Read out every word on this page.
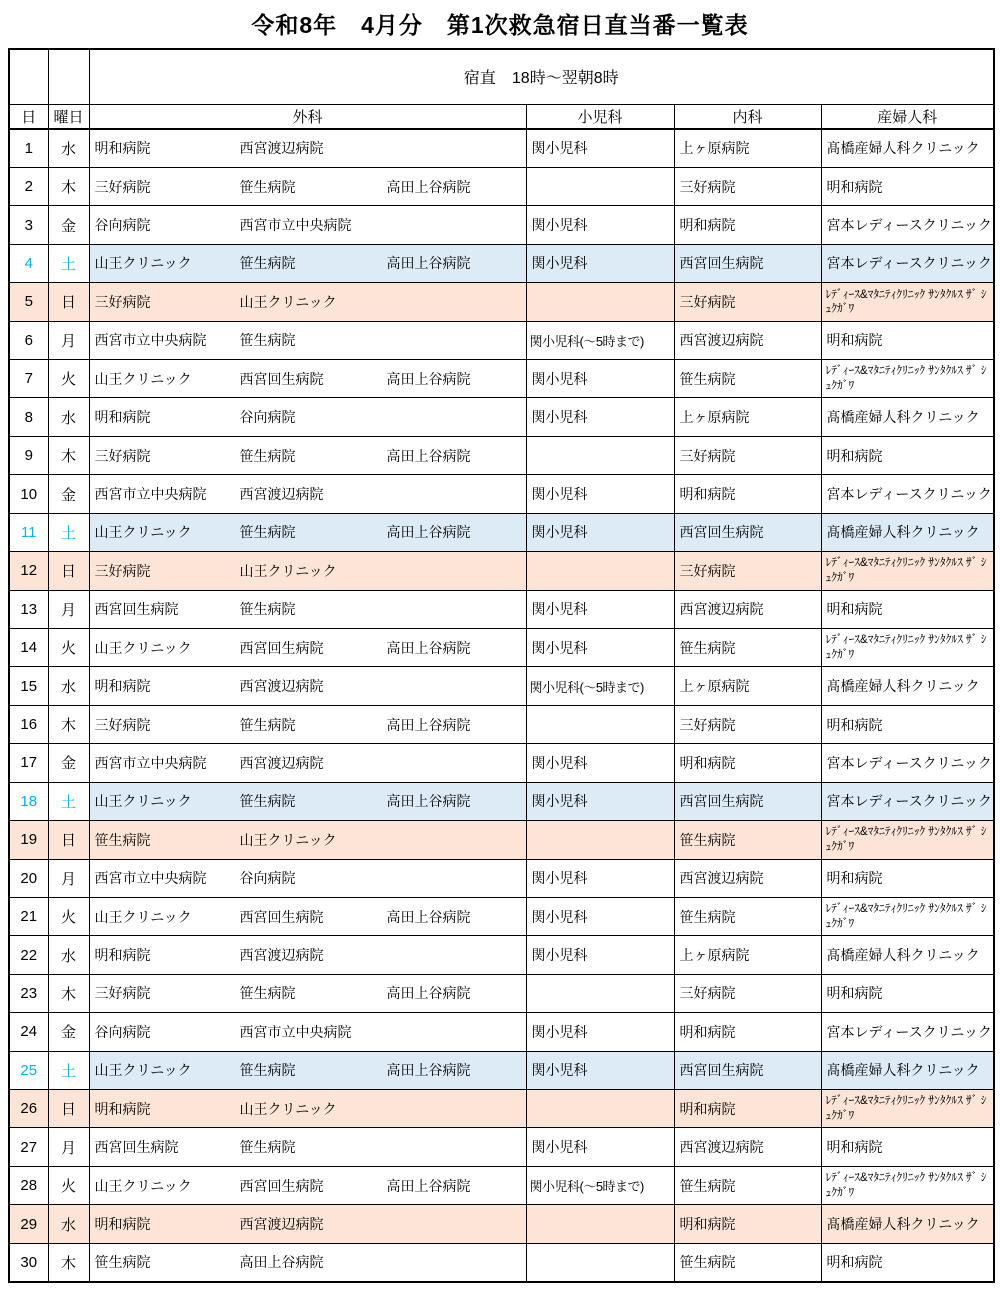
令和8年　4月分　第1次救急宿日直当番一覧表
		宿直　18時～翌朝8時			
日	曜日	外科	小児科	内科	産婦人科
1	水	明和病院 西宮渡辺病院	関小児科	上ヶ原病院	髙橋産婦人科クリニック
2	木	三好病院 笹生病院 高田上谷病院		三好病院	明和病院
3	金	谷向病院 西宮市立中央病院	関小児科	明和病院	宮本レディースクリニック
4	土	山王クリニック 笹生病院 高田上谷病院	関小児科	西宮回生病院	宮本レディースクリニック
5	日	三好病院 山王クリニック		三好病院	ﾚﾃﾞｨｰｽ&ﾏﾀﾆﾃｨｸﾘﾆｯｸ ｻﾝﾀｸﾙｽ ｻﾞ ｼｭｸｶﾞﾜ
6	月	西宮市立中央病院 笹生病院	関小児科(～5時まで)	西宮渡辺病院	明和病院
7	火	山王クリニック 西宮回生病院 高田上谷病院	関小児科	笹生病院	ﾚﾃﾞｨｰｽ&ﾏﾀﾆﾃｨｸﾘﾆｯｸ ｻﾝﾀｸﾙｽ ｻﾞ ｼｭｸｶﾞﾜ
8	水	明和病院 谷向病院	関小児科	上ヶ原病院	髙橋産婦人科クリニック
9	木	三好病院 笹生病院 高田上谷病院		三好病院	明和病院
10	金	西宮市立中央病院 西宮渡辺病院	関小児科	明和病院	宮本レディースクリニック
11	土	山王クリニック 笹生病院 高田上谷病院	関小児科	西宮回生病院	髙橋産婦人科クリニック
12	日	三好病院 山王クリニック		三好病院	ﾚﾃﾞｨｰｽ&ﾏﾀﾆﾃｨｸﾘﾆｯｸ ｻﾝﾀｸﾙｽ ｻﾞ ｼｭｸｶﾞﾜ
13	月	西宮回生病院 笹生病院	関小児科	西宮渡辺病院	明和病院
14	火	山王クリニック 西宮回生病院 高田上谷病院	関小児科	笹生病院	ﾚﾃﾞｨｰｽ&ﾏﾀﾆﾃｨｸﾘﾆｯｸ ｻﾝﾀｸﾙｽ ｻﾞ ｼｭｸｶﾞﾜ
15	水	明和病院 西宮渡辺病院	関小児科(～5時まで)	上ヶ原病院	髙橋産婦人科クリニック
16	木	三好病院 笹生病院 高田上谷病院		三好病院	明和病院
17	金	西宮市立中央病院 西宮渡辺病院	関小児科	明和病院	宮本レディースクリニック
18	土	山王クリニック 笹生病院 高田上谷病院	関小児科	西宮回生病院	宮本レディースクリニック
19	日	笹生病院 山王クリニック		笹生病院	ﾚﾃﾞｨｰｽ&ﾏﾀﾆﾃｨｸﾘﾆｯｸ ｻﾝﾀｸﾙｽ ｻﾞ ｼｭｸｶﾞﾜ
20	月	西宮市立中央病院 谷向病院	関小児科	西宮渡辺病院	明和病院
21	火	山王クリニック 西宮回生病院 高田上谷病院	関小児科	笹生病院	ﾚﾃﾞｨｰｽ&ﾏﾀﾆﾃｨｸﾘﾆｯｸ ｻﾝﾀｸﾙｽ ｻﾞ ｼｭｸｶﾞﾜ
22	水	明和病院 西宮渡辺病院	関小児科	上ヶ原病院	髙橋産婦人科クリニック
23	木	三好病院 笹生病院 高田上谷病院		三好病院	明和病院
24	金	谷向病院 西宮市立中央病院	関小児科	明和病院	宮本レディースクリニック
25	土	山王クリニック 笹生病院 高田上谷病院	関小児科	西宮回生病院	髙橋産婦人科クリニック
26	日	明和病院 山王クリニック		明和病院	ﾚﾃﾞｨｰｽ&ﾏﾀﾆﾃｨｸﾘﾆｯｸ ｻﾝﾀｸﾙｽ ｻﾞ ｼｭｸｶﾞﾜ
27	月	西宮回生病院 笹生病院	関小児科	西宮渡辺病院	明和病院
28	火	山王クリニック 西宮回生病院 高田上谷病院	関小児科(～5時まで)	笹生病院	ﾚﾃﾞｨｰｽ&ﾏﾀﾆﾃｨｸﾘﾆｯｸ ｻﾝﾀｸﾙｽ ｻﾞ ｼｭｸｶﾞﾜ
29	水	明和病院 西宮渡辺病院		明和病院	髙橋産婦人科クリニック
30	木	笹生病院 高田上谷病院		笹生病院	明和病院
